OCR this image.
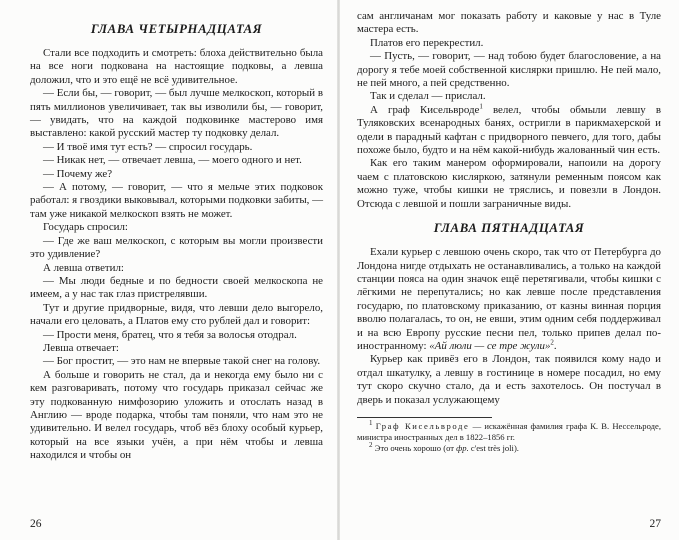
ГЛАВА ЧЕТЫРНАДЦАТАЯ

Стали все подходить и смотреть: блоха действительно была на все ноги подкована на настоящие подковы, а левша доложил, что и это ещё не всё удивительное.

— Если бы, — говорит, — был лучше мелкоскоп, который в пять миллионов увеличивает, так вы изволили бы, — говорит, — увидать, что на каждой подковинке мастерово имя выставлено: какой русский мастер ту подковку делал.

— И твоё имя тут есть? — спросил государь.

— Никак нет, — отвечает левша, — моего одного и нет.

— Почему же?

— А потому, — говорит, — что я мельче этих подковок работал: я гвоздики выковывал, которыми подковки забиты, — там уже никакой мелкоскоп взять не может.

Государь спросил:

— Где же ваш мелкоскоп, с которым вы могли произвести это удивление?

А левша ответил:

— Мы люди бедные и по бедности своей мелкоскопа не имеем, а у нас так глаз пристрелявши.

Тут и другие придворные, видя, что левши дело выгорело, начали его целовать, а Платов ему сто рублей дал и говорит:

— Прости меня, братец, что я тебя за волосья отодрал.

Левша отвечает:

— Бог простит, — это нам не впервые такой снег на голову.

А больше и говорить не стал, да и некогда ему было ни с кем разговаривать, потому что государь приказал сейчас же эту подкованную нимфозорию уложить и отослать назад в Англию — вроде подарка, чтобы там поняли, что нам это не удивительно. И велел государь, чтоб вёз блоху особый курьер, который на все языки учён, а при нём чтобы и левша находился и чтобы он

26

сам англичанам мог показать работу и каковые у нас в Туле мастера есть.

Платов его перекрестил.

— Пусть, — говорит, — над тобою будет благословение, а на дорогу я тебе моей собственной кислярки пришлю. Не пей мало, не пей много, а пей средственно.

Так и сделал — прислал.

А граф Кисельвроде$^1$ велел, чтобы обмыли левшу в Туляковских всенародных банях, остригли в парикмахерской и одели в парадный кафтан с придворного певчего, для того, дабы похоже было, будто и на нём какой-нибудь жалованный чин есть.

Как его таким манером оформировали, напоили на дорогу чаем с платовскою кисляркою, затянули ременным поясом как можно туже, чтобы кишки не тряслись, и повезли в Лондон. Отсюда с левшой и пошли заграничные виды.

ГЛАВА ПЯТНАДЦАТАЯ

Ехали курьер с левшою очень скоро, так что от Петербурга до Лондона нигде отдыхать не останавливались, а только на каждой станции пояса на один значок ещё перетягивали, чтобы кишки с лёгкими не перепутались; но как левше после представления государю, по платовскому приказанию, от казны винная порция вволю полагалась, то он, не евши, этим одним себя поддерживал и на всю Европу русские песни пел, только припев делал по-иностранному: «Ай люли — се тре жули»$^2$.

Курьер как привёз его в Лондон, так появился кому надо и отдал шкатулку, а левшу в гостинице в номере посадил, но ему тут скоро скучно стало, да и есть захотелось. Он постучал в дверь и показал услужающему

$^1$ Граф Кисельвроде — искажённая фамилия графа К. В. Нессельроде, министра иностранных дел в 1822–1856 гг.

$^2$ Это очень хорошо (от фр. c'est très joli).

27
